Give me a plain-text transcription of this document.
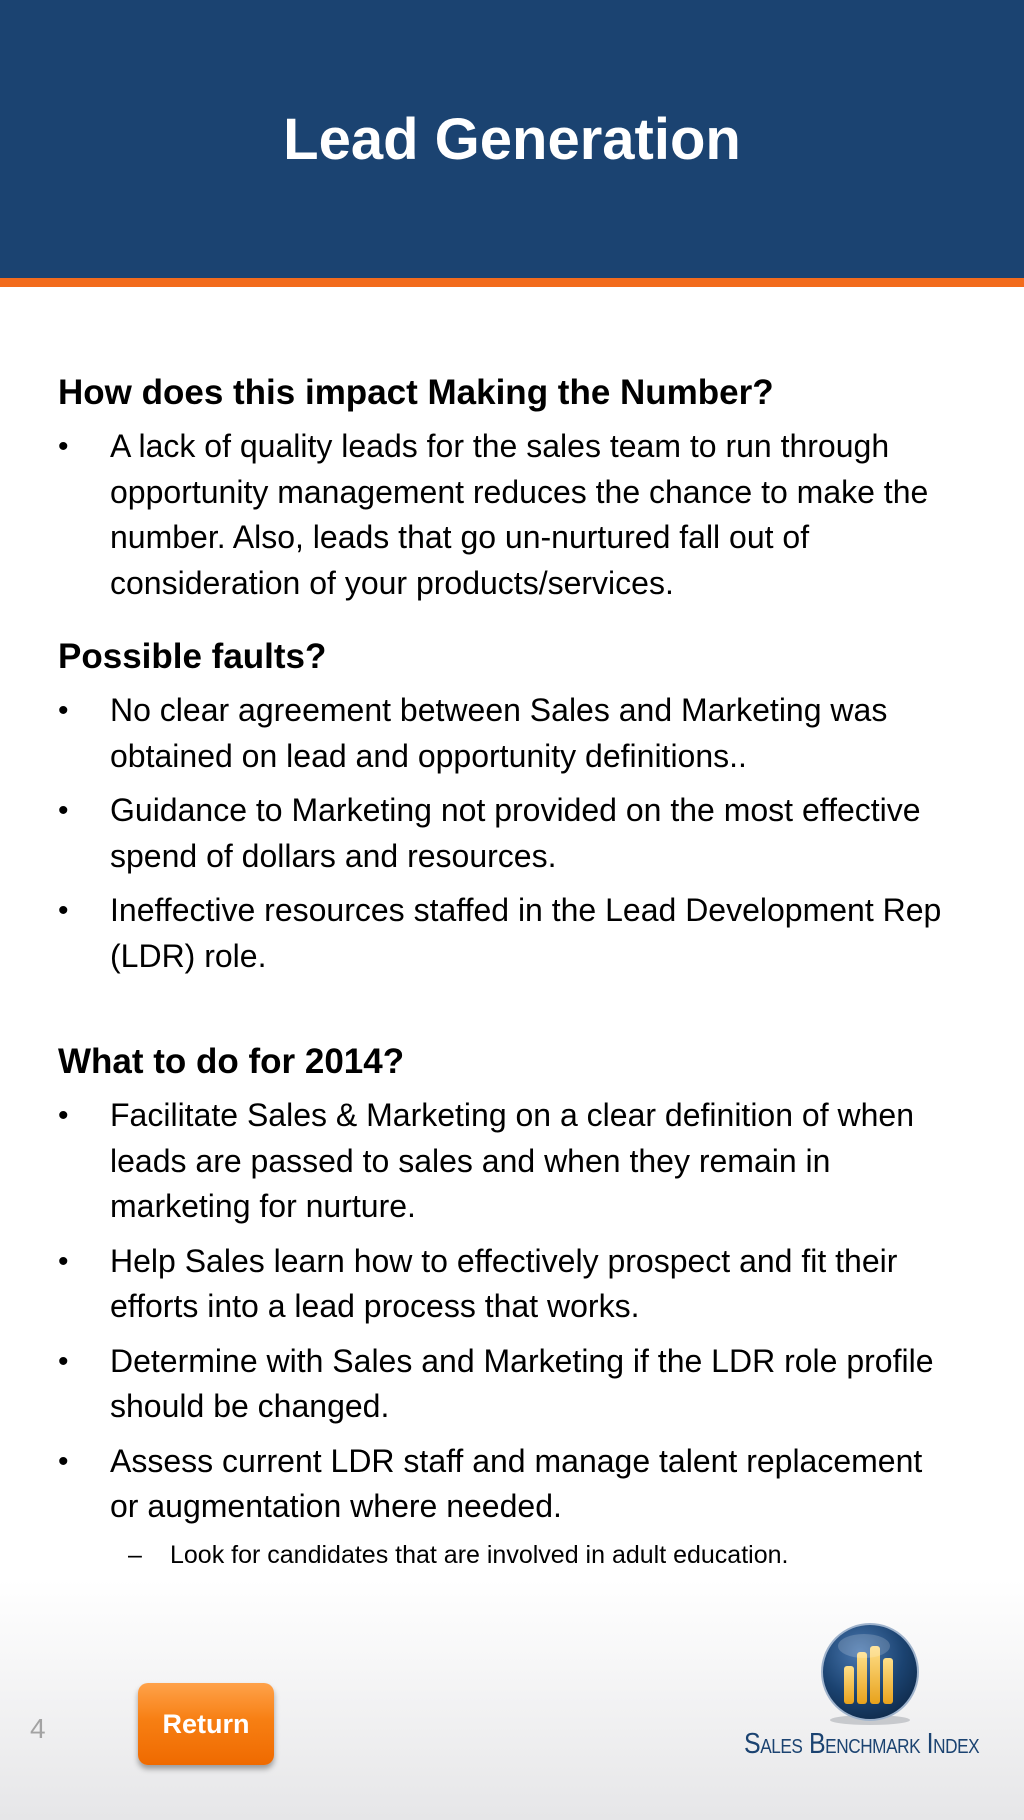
Lead Generation
How does this impact Making the Number?
•	A lack of quality leads for the sales team to run through opportunity management reduces the chance to make the number. Also, leads that go un-nurtured fall out of consideration of your products/services.
Possible faults?
•	No clear agreement between Sales and Marketing was obtained on lead and opportunity definitions..
•	Guidance to Marketing not provided on the most effective spend of dollars and resources.
•	Ineffective resources staffed in the Lead Development Rep (LDR) role.
What to do for 2014?
•	Facilitate Sales & Marketing on a clear definition of when leads are passed to sales and when they remain in marketing for nurture.
•	Help Sales learn how to effectively prospect and fit their efforts into a lead process that works.
•	Determine with Sales and Marketing if the LDR role profile should be changed.
•	Assess current LDR staff and manage talent replacement or augmentation where needed.
– Look for candidates that are involved in adult education.
4	Return
Sales Benchmark Index
